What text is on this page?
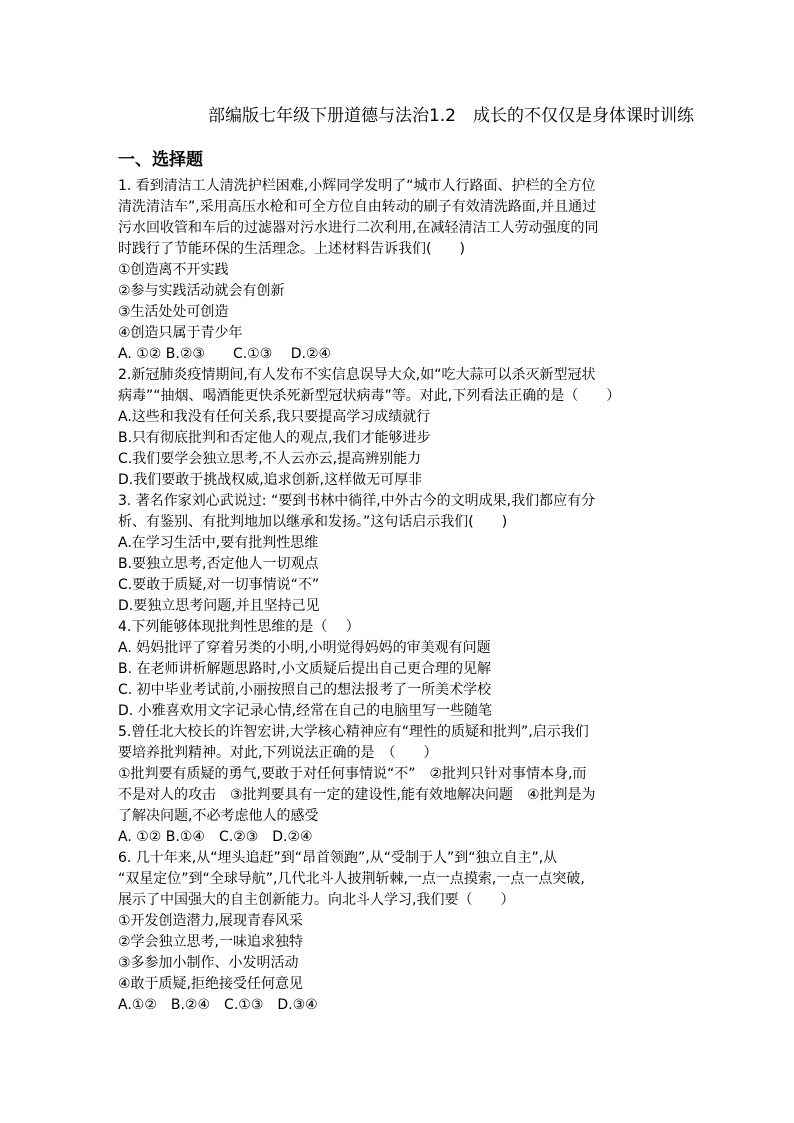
部编版七年级下册道德与法治1.2　成长的不仅仅是身体课时训练
一、选择题
1. 看到清洁工人清洗护栏困难,小辉同学发明了“城市人行路面、护栏的全方位
清洗清洁车”,采用高压水枪和可全方位自由转动的刷子有效清洗路面,并且通过
污水回收管和车后的过滤器对污水进行二次利用,在减轻清洁工人劳动强度的同
时践行了节能环保的生活理念。上述材料告诉我们(　　)
①创造离不开实践
②参与实践活动就会有创新
③生活处处可创造
④创造只属于青少年
A. ①② B.②③　　C.①③　 D.②④
2.新冠肺炎疫情期间,有人发布不实信息误导大众,如“吃大蒜可以杀灭新型冠状
病毒”“抽烟、喝酒能更快杀死新型冠状病毒”等。对此,下列看法正确的是（　　）
A.这些和我没有任何关系,我只要提高学习成绩就行
B.只有彻底批判和否定他人的观点,我们才能够进步
C.我们要学会独立思考,不人云亦云,提高辨别能力
D.我们要敢于挑战权威,追求创新,这样做无可厚非
3. 著名作家刘心武说过: “要到书林中徜徉,中外古今的文明成果,我们都应有分
析、有鉴别、有批判地加以继承和发扬。”这句话启示我们(　　)
A.在学习生活中,要有批判性思维
B.要独立思考,否定他人一切观点
C.要敢于质疑,对一切事情说“不”
D.要独立思考问题,并且坚持己见
4.下列能够体现批判性思维的是（　 ）
A. 妈妈批评了穿着另类的小明,小明觉得妈妈的审美观有问题
B. 在老师讲析解题思路时,小文质疑后提出自己更合理的见解
C. 初中毕业考试前,小丽按照自己的想法报考了一所美术学校
D. 小雅喜欢用文字记录心情,经常在自己的电脑里写一些随笔
5.曾任北大校长的许智宏讲,大学核心精神应有“理性的质疑和批判”,启示我们
要培养批判精神。对此,下列说法正确的是　（　　）
①批判要有质疑的勇气,要敢于对任何事情说“不”　②批判只针对事情本身,而
不是对人的攻击　③批判要具有一定的建设性,能有效地解决问题　④批判是为
了解决问题,不必考虑他人的感受
A. ①② B.①④　C.②③　D.②④
6. 几十年来,从“埋头追赶”到“昂首领跑”,从“受制于人”到“独立自主”,从
“双星定位”到“全球导航”,几代北斗人披荆斩棘,一点一点摸索,一点一点突破,
展示了中国强大的自主创新能力。向北斗人学习,我们要（　　）
①开发创造潜力,展现青春风采
②学会独立思考,一味追求独特
③多参加小制作、小发明活动
④敢于质疑,拒绝接受任何意见
A.①②　B.②④　C.①③　D.③④
